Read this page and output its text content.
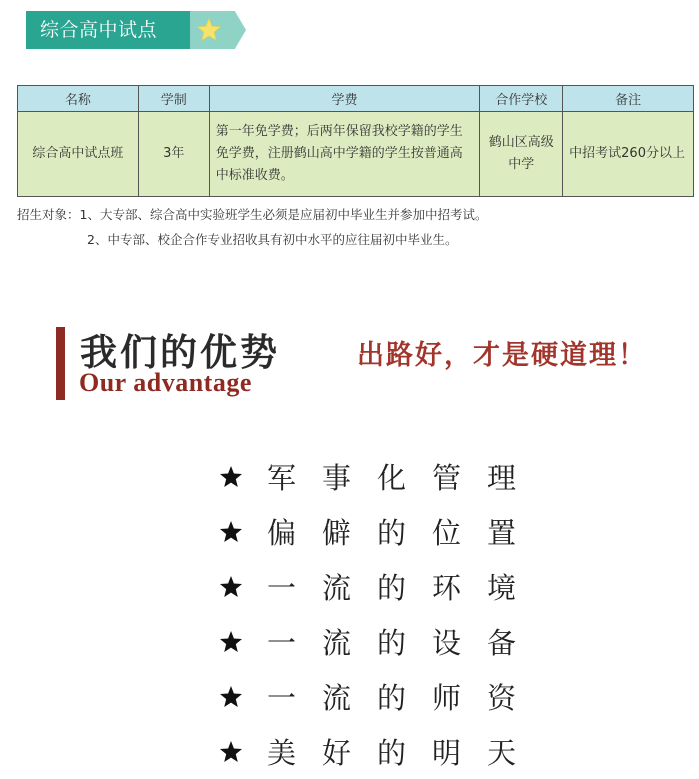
综合高中试点班
名称	学制	学费	合作学校	备注
综合高中试点班	3年	第一年免学费；后两年保留我校学籍的学生免学费，注册鹤山高中学籍的学生按普通高中标准收费。	鹤山区高级中学	中招考试260分以上
招生对象：1、大专部、综合高中实验班学生必须是应届初中毕业生并参加中招考试。
2、中专部、校企合作专业招收具有初中水平的应往届初中毕业生。
我们的优势
Our advantage
出路好，才是硬道理！
军事化管理
偏僻的位置
一流的环境
一流的设备
一流的师资
美好的明天
